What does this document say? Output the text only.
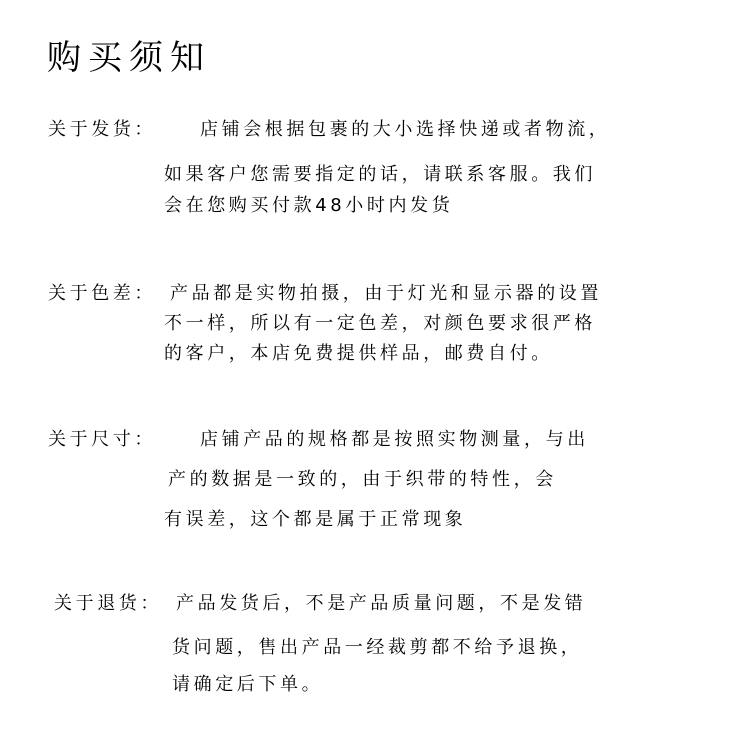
购买须知
关于发货： 店铺会根据包裹的大小选择快递或者物流，
如果客户您需要指定的话，请联系客服。我们
会在您购买付款48小时内发货
关于色差： 产品都是实物拍摄，由于灯光和显示器的设置
不一样，所以有一定色差，对颜色要求很严格
的客户，本店免费提供样品，邮费自付。
关于尺寸： 店铺产品的规格都是按照实物测量，与出
产的数据是一致的，由于织带的特性，会
有误差，这个都是属于正常现象
关于退货： 产品发货后，不是产品质量问题，不是发错
货问题，售出产品一经裁剪都不给予退换，
请确定后下单。
